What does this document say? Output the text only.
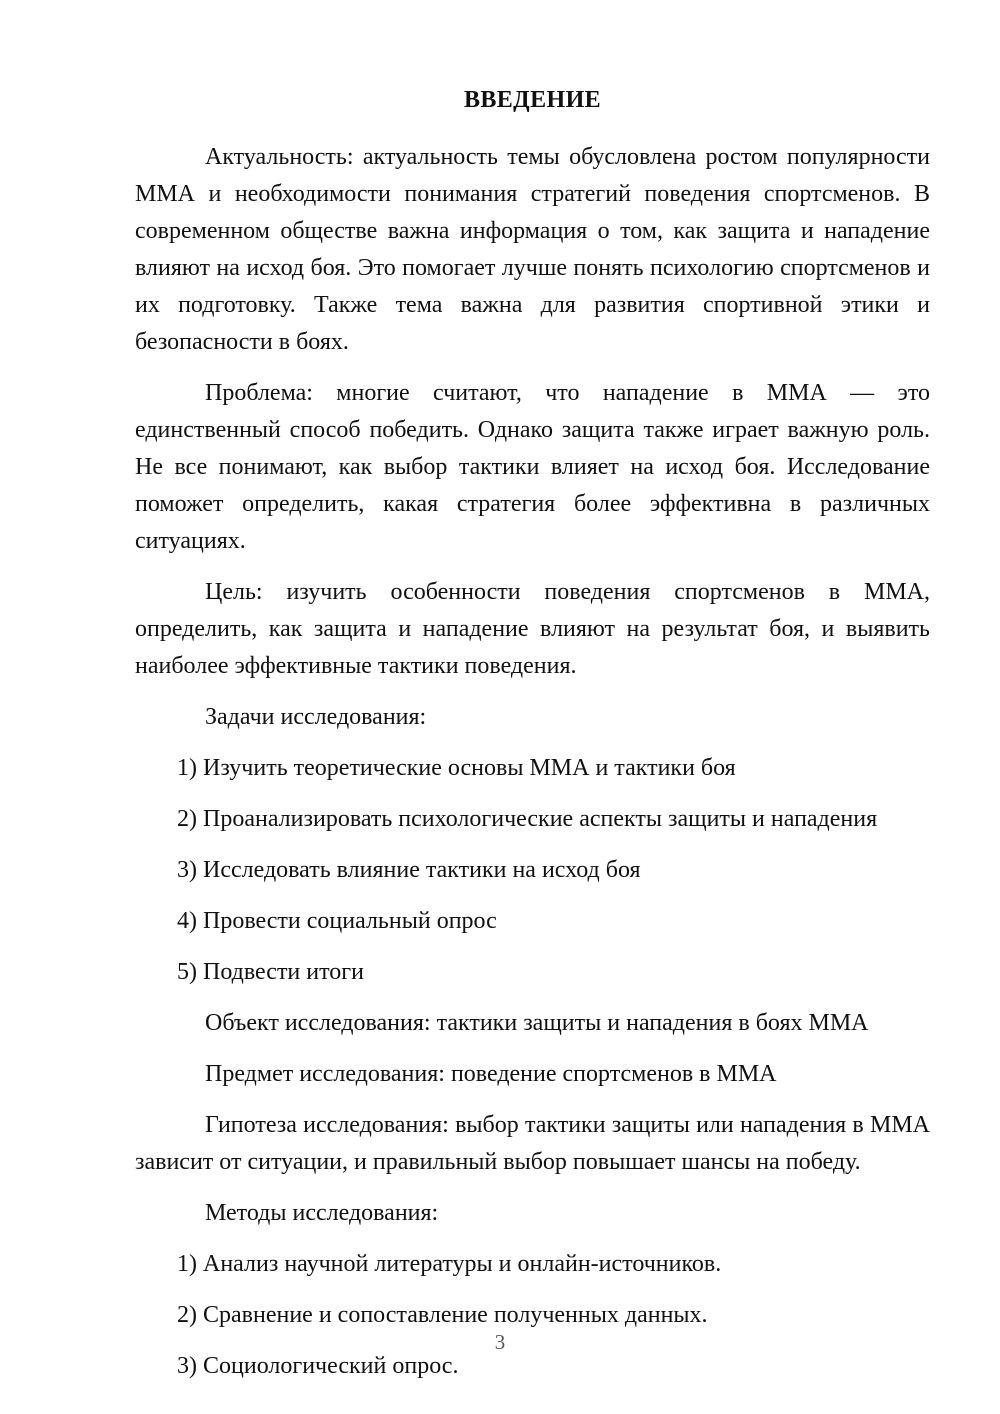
ВВЕДЕНИЕ

Актуальность: актуальность темы обусловлена ростом популярности ММА и необходимости понимания стратегий поведения спортсменов. В современном обществе важна информация о том, как защита и нападение влияют на исход боя. Это помогает лучше понять психологию спортсменов и их подготовку. Также тема важна для развития спортивной этики и безопасности в боях.

Проблема: многие считают, что нападение в ММА — это единственный способ победить. Однако защита также играет важную роль. Не все понимают, как выбор тактики влияет на исход боя. Исследование поможет определить, какая стратегия более эффективна в различных ситуациях.

Цель: изучить особенности поведения спортсменов в ММА, определить, как защита и нападение влияют на результат боя, и выявить наиболее эффективные тактики поведения.

Задачи исследования:

1) Изучить теоретические основы ММА и тактики боя

2) Проанализировать психологические аспекты защиты и нападения

3) Исследовать влияние тактики на исход боя

4) Провести социальный опрос

5) Подвести итоги

Объект исследования: тактики защиты и нападения в боях ММА

Предмет исследования: поведение спортсменов в ММА

Гипотеза исследования: выбор тактики защиты или нападения в ММА зависит от ситуации, и правильный выбор повышает шансы на победу.

Методы исследования:

1) Анализ научной литературы и онлайн-источников.

2) Сравнение и сопоставление полученных данных.

3) Социологический опрос.

3
